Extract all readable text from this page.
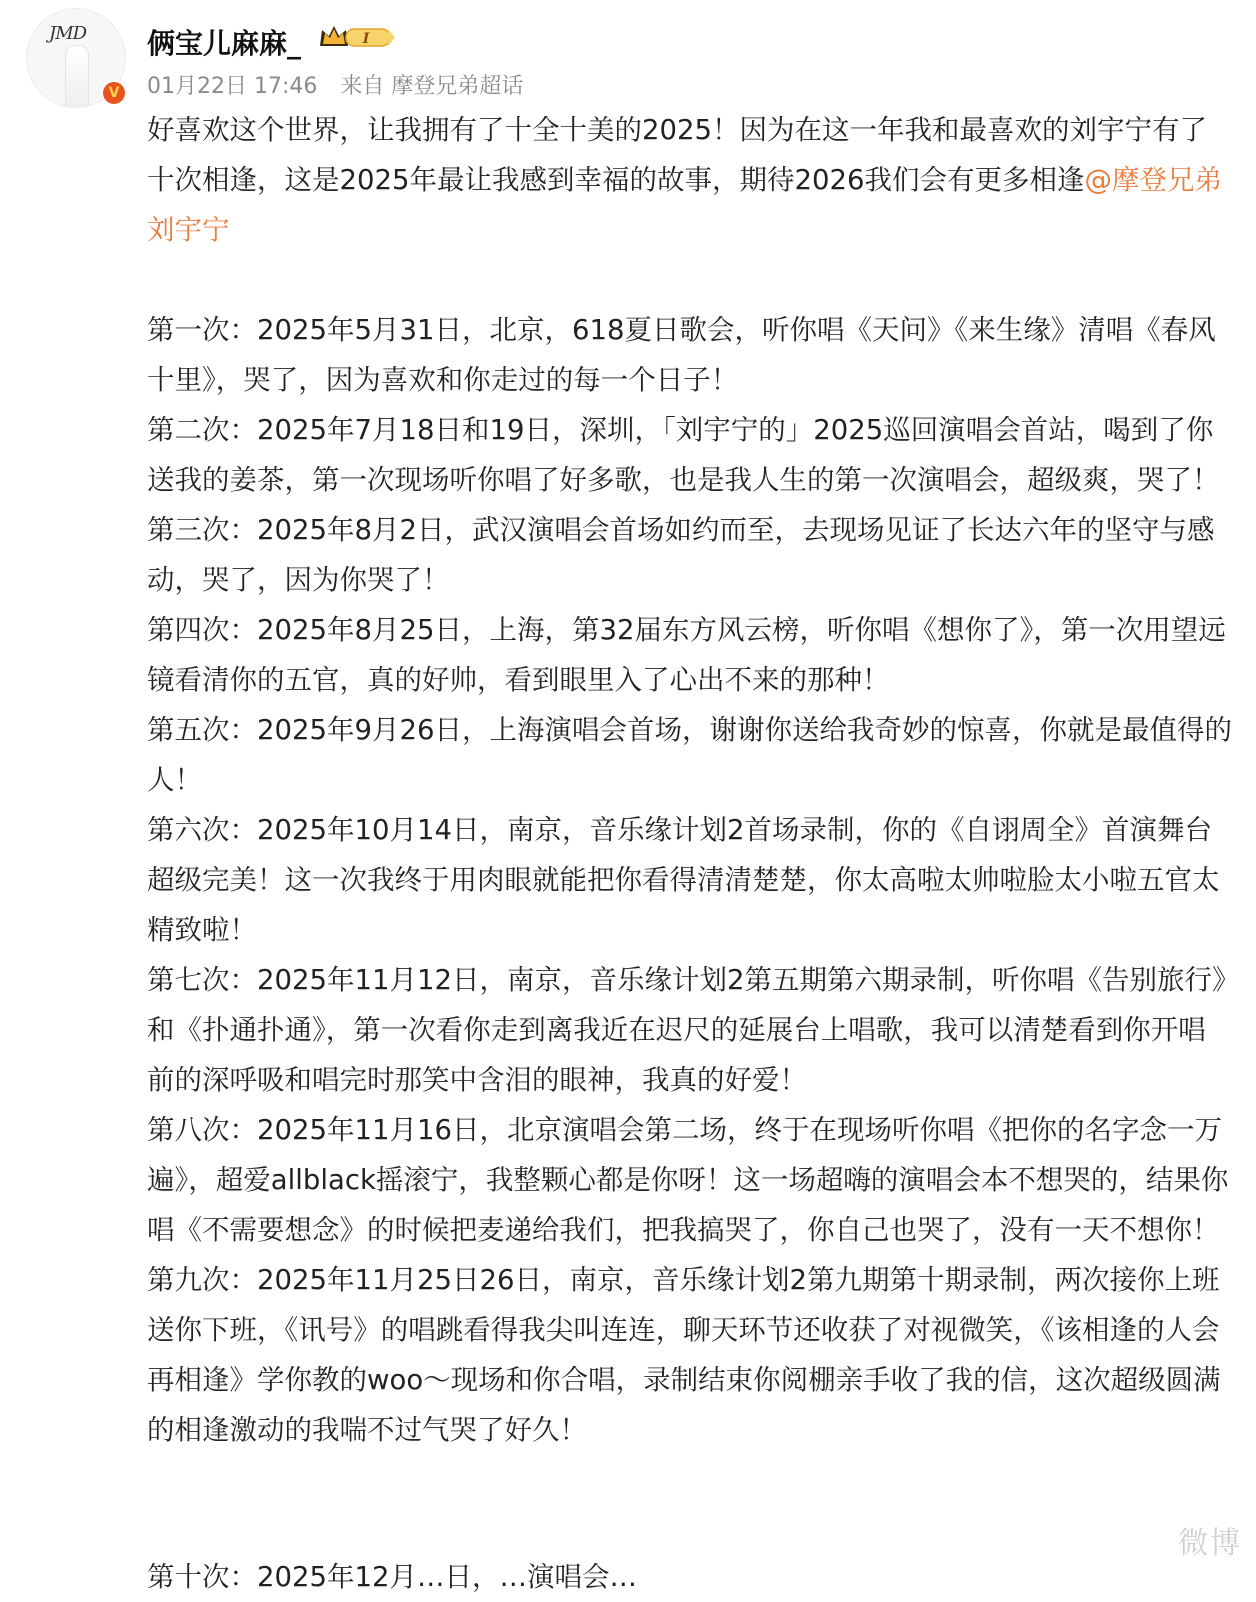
JMD
V
俩宝儿麻麻_	I
01月22日 17:46 来自 摩登兄弟超话

好喜欢这个世界，让我拥有了十全十美的2025！因为在这一年我和最喜欢的刘宇宁有了十次相逢，这是2025年最让我感到幸福的故事，期待2026我们会有更多相逢@摩登兄弟刘宇宁

第一次：2025年5月31日，北京，618夏日歌会，听你唱《天问》《来生缘》清唱《春风十里》，哭了，因为喜欢和你走过的每一个日子！

第二次：2025年7月18日和19日，深圳，「刘宇宁的」2025巡回演唱会首站，喝到了你送我的姜茶，第一次现场听你唱了好多歌，也是我人生的第一次演唱会，超级爽，哭了！

第三次：2025年8月2日，武汉演唱会首场如约而至，去现场见证了长达六年的坚守与感动，哭了，因为你哭了！

第四次：2025年8月25日，上海，第32届东方风云榜，听你唱《想你了》，第一次用望远镜看清你的五官，真的好帅，看到眼里入了心出不来的那种！

第五次：2025年9月26日，上海演唱会首场，谢谢你送给我奇妙的惊喜，你就是最值得的人！

第六次：2025年10月14日，南京，音乐缘计划2首场录制，你的《自诩周全》首演舞台超级完美！这一次我终于用肉眼就能把你看得清清楚楚，你太高啦太帅啦脸太小啦五官太精致啦！

第七次：2025年11月12日，南京，音乐缘计划2第五期第六期录制，听你唱《告别旅行》和《扑通扑通》，第一次看你走到离我近在迟尺的延展台上唱歌，我可以清楚看到你开唱前的深呼吸和唱完时那笑中含泪的眼神，我真的好爱！

第八次：2025年11月16日，北京演唱会第二场，终于在现场听你唱《把你的名字念一万遍》，超爱allblack摇滚宁，我整颗心都是你呀！这一场超嗨的演唱会本不想哭的，结果你唱《不需要想念》的时候把麦递给我们，把我搞哭了，你自己也哭了，没有一天不想你！

第九次：2025年11月25日26日，南京，音乐缘计划2第九期第十期录制，两次接你上班送你下班，《讯号》的唱跳看得我尖叫连连，聊天环节还收获了对视微笑，《该相逢的人会再相逢》学你教的woo～现场和你合唱，录制结束你阅棚亲手收了我的信，这次超级圆满的相逢激动的我喘不过气哭了好久！

第十次：2025年12月…日，…演唱会…
微博
